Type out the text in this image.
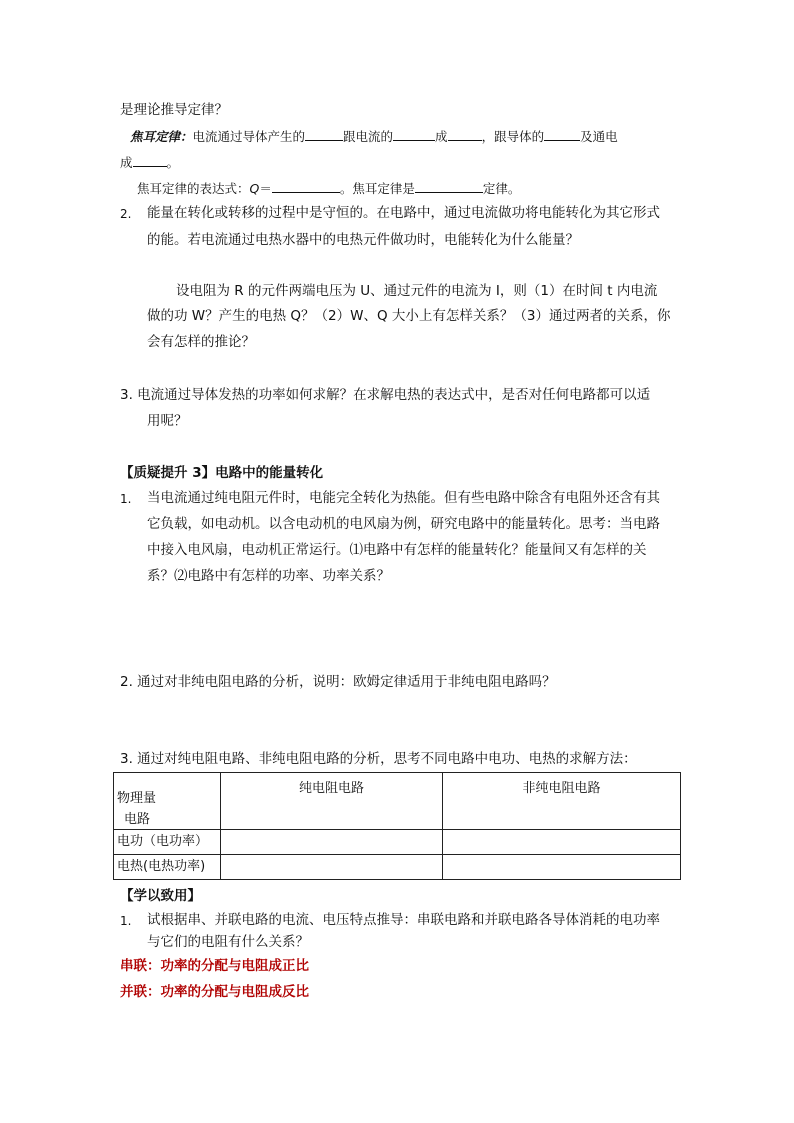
是理论推导定律？
焦耳定律：电流通过导体产生的	跟电流的	成	，跟导体的	及通电
成	。
焦耳定律的表达式：Q＝	。焦耳定律是	定律。
2. 能量在转化或转移的过程中是守恒的。在电路中，通过电流做功将电能转化为其它形式
的能。若电流通过电热水器中的电热元件做功时，电能转化为什么能量？
设电阻为 R 的元件两端电压为 U、通过元件的电流为 I，则（1）在时间 t 内电流
做的功 W？产生的电热 Q？（2）W、Q 大小上有怎样关系？（3）通过两者的关系，你
会有怎样的推论？
3. 电流通过导体发热的功率如何求解？在求解电热的表达式中，是否对任何电路都可以适
用呢？
【质疑提升 3】电路中的能量转化
1. 当电流通过纯电阻元件时，电能完全转化为热能。但有些电路中除含有电阻外还含有其
它负载，如电动机。以含电动机的电风扇为例，研究电路中的能量转化。思考：当电路
中接入电风扇，电动机正常运行。⑴电路中有怎样的能量转化？能量间又有怎样的关
系？⑵电路中有怎样的功率、功率关系？
2. 通过对非纯电阻电路的分析，说明：欧姆定律适用于非纯电阻电路吗？
3. 通过对纯电阻电路、非纯电阻电路的分析，思考不同电路中电功、电热的求解方法：
物理量
电路	纯电阻电路	非纯电阻电路
电功（电功率）		
电热(电热功率)		
【学以致用】
1. 试根据串、并联电路的电流、电压特点推导：串联电路和并联电路各导体消耗的电功率
与它们的电阻有什么关系？
串联：功率的分配与电阻成正比
并联：功率的分配与电阻成反比
